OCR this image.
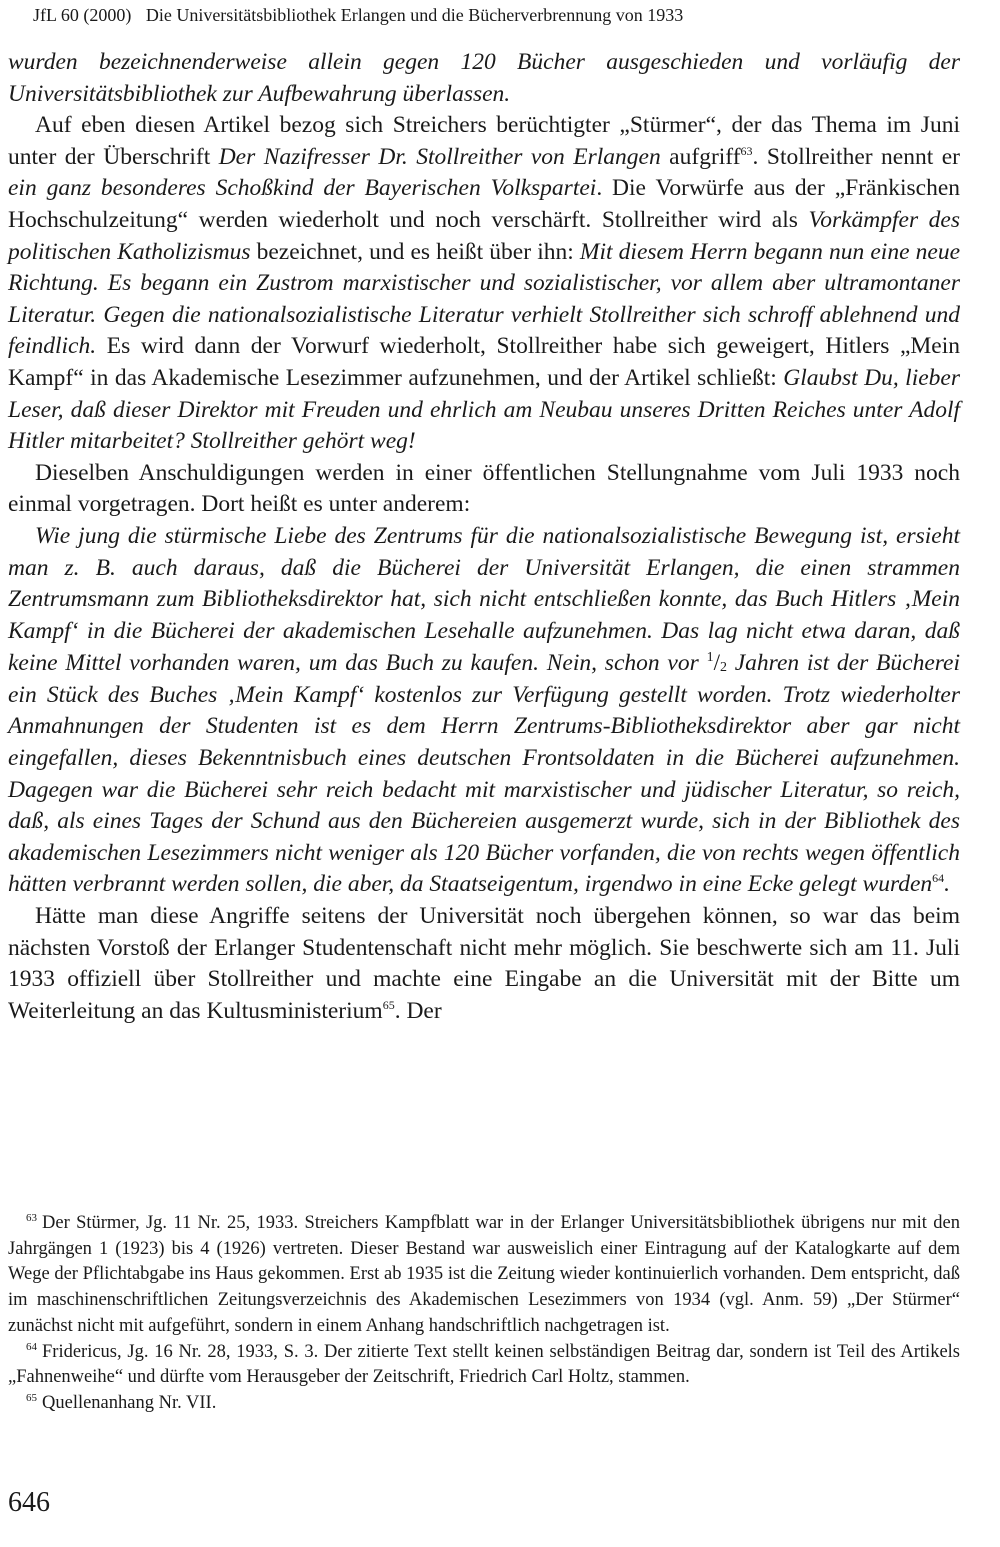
JfL 60 (2000) Die Universitätsbibliothek Erlangen und die Bücherverbrennung von 1933

wurden bezeichnenderweise allein gegen 120 Bücher ausgeschieden und vorläufig der Universitätsbibliothek zur Aufbewahrung überlassen.

Auf eben diesen Artikel bezog sich Streichers berüchtigter „Stürmer“, der das Thema im Juni unter der Überschrift Der Nazifresser Dr. Stollreither von Erlangen aufgriff$^{63}$. Stollreither nennt er ein ganz besonderes Schoßkind der Bayerischen Volkspartei. Die Vorwürfe aus der „Fränkischen Hochschulzeitung“ werden wiederholt und noch verschärft. Stollreither wird als Vorkämpfer des politischen Katholizismus bezeichnet, und es heißt über ihn: Mit diesem Herrn begann nun eine neue Richtung. Es begann ein Zustrom marxistischer und sozialistischer, vor allem aber ultramontaner Literatur. Gegen die nationalsozialistische Literatur verhielt Stollreither sich schroff ablehnend und feindlich. Es wird dann der Vorwurf wiederholt, Stollreither habe sich geweigert, Hitlers „Mein Kampf“ in das Akademische Lesezimmer aufzunehmen, und der Artikel schließt: Glaubst Du, lieber Leser, daß dieser Direktor mit Freuden und ehrlich am Neubau unseres Dritten Reiches unter Adolf Hitler mitarbeitet? Stollreither gehört weg!

Dieselben Anschuldigungen werden in einer öffentlichen Stellungnahme vom Juli 1933 noch einmal vorgetragen. Dort heißt es unter anderem:

Wie jung die stürmische Liebe des Zentrums für die nationalsozialistische Bewegung ist, ersieht man z. B. auch daraus, daß die Bücherei der Universität Erlangen, die einen strammen Zentrumsmann zum Bibliotheksdirektor hat, sich nicht entschließen konnte, das Buch Hitlers ‚Mein Kampf‘ in die Bücherei der akademischen Lesehalle aufzunehmen. Das lag nicht etwa daran, daß keine Mittel vorhanden waren, um das Buch zu kaufen. Nein, schon vor $^1/_2$ Jahren ist der Bücherei ein Stück des Buches ‚Mein Kampf‘ kostenlos zur Verfügung gestellt worden. Trotz wiederholter Anmahnungen der Studenten ist es dem Herrn Zentrums-Bibliotheksdirektor aber gar nicht eingefallen, dieses Bekenntnisbuch eines deutschen Frontsoldaten in die Bücherei aufzunehmen. Dagegen war die Bücherei sehr reich bedacht mit marxistischer und jüdischer Literatur, so reich, daß, als eines Tages der Schund aus den Büchereien ausgemerzt wurde, sich in der Bibliothek des akademischen Lesezimmers nicht weniger als 120 Bücher vorfanden, die von rechts wegen öffentlich hätten verbrannt werden sollen, die aber, da Staatseigentum, irgendwo in eine Ecke gelegt wurden$^{64}$.

Hätte man diese Angriffe seitens der Universität noch übergehen können, so war das beim nächsten Vorstoß der Erlanger Studentenschaft nicht mehr möglich. Sie beschwerte sich am 11. Juli 1933 offiziell über Stollreither und machte eine Eingabe an die Universität mit der Bitte um Weiterleitung an das Kultusministerium$^{65}$. Der

$^{63}$ Der Stürmer, Jg. 11 Nr. 25, 1933. Streichers Kampfblatt war in der Erlanger Universitätsbibliothek übrigens nur mit den Jahrgängen 1 (1923) bis 4 (1926) vertreten. Dieser Bestand war ausweislich einer Eintragung auf der Katalogkarte auf dem Wege der Pflichtabgabe ins Haus gekommen. Erst ab 1935 ist die Zeitung wieder kontinuierlich vorhanden. Dem entspricht, daß im maschinenschriftlichen Zeitungsverzeichnis des Akademischen Lesezimmers von 1934 (vgl. Anm. 59) „Der Stürmer“ zunächst nicht mit aufgeführt, sondern in einem Anhang handschriftlich nachgetragen ist.

$^{64}$ Fridericus, Jg. 16 Nr. 28, 1933, S. 3. Der zitierte Text stellt keinen selbständigen Beitrag dar, sondern ist Teil des Artikels „Fahnenweihe“ und dürfte vom Herausgeber der Zeitschrift, Friedrich Carl Holtz, stammen.

$^{65}$ Quellenanhang Nr. VII.

646
